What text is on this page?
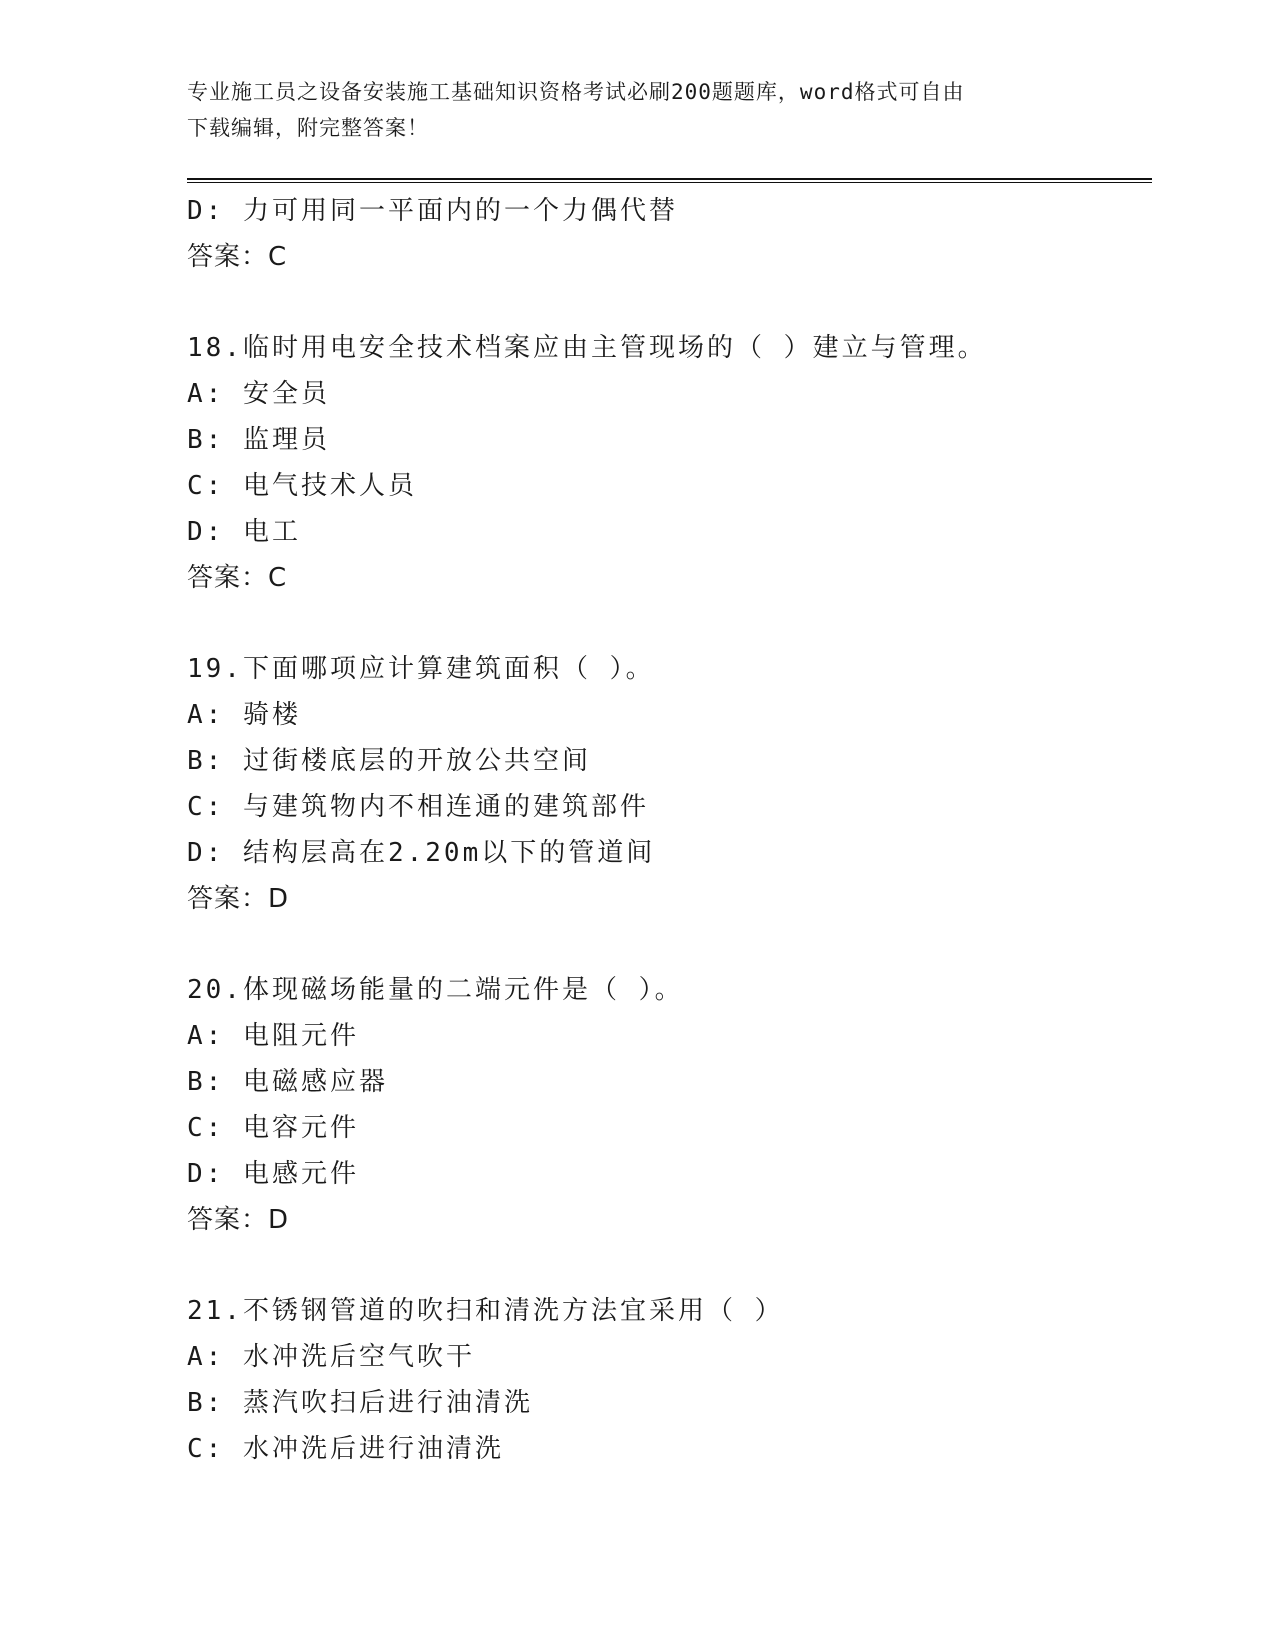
专业施工员之设备安装施工基础知识资格考试必刷200题题库，word格式可自由
下载编辑，附完整答案！
D: 力可用同一平面内的一个力偶代替
答案：C
18.临时用电安全技术档案应由主管现场的（ ）建立与管理。
A: 安全员
B: 监理员
C: 电气技术人员
D: 电工
答案：C
19.下面哪项应计算建筑面积（ ）。
A: 骑楼
B: 过街楼底层的开放公共空间
C: 与建筑物内不相连通的建筑部件
D: 结构层高在2.20m以下的管道间
答案：D
20.体现磁场能量的二端元件是（ ）。
A: 电阻元件
B: 电磁感应器
C: 电容元件
D: 电感元件
答案：D
21.不锈钢管道的吹扫和清洗方法宜采用（ ）
A: 水冲洗后空气吹干
B: 蒸汽吹扫后进行油清洗
C: 水冲洗后进行油清洗
